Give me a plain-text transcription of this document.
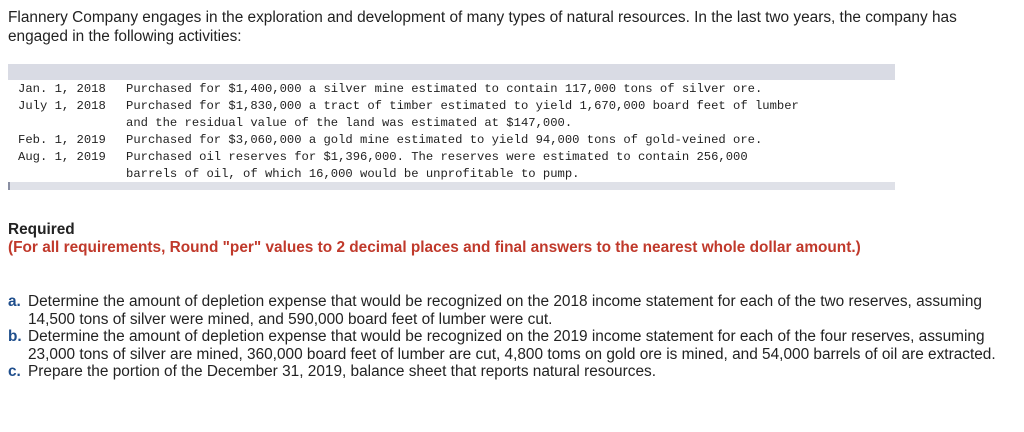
Flannery Company engages in the exploration and development of many types of natural resources. In the last two years, the company has engaged in the following activities:

Jan. 1, 2018	Purchased for $1,400,000 a silver mine estimated to contain 117,000 tons of silver ore.
July 1, 2018	Purchased for $1,830,000 a tract of timber estimated to yield 1,670,000 board feet of lumber
and the residual value of the land was estimated at $147,000.
Feb. 1, 2019	Purchased for $3,060,000 a gold mine estimated to yield 94,000 tons of gold-veined ore.
Aug. 1, 2019	Purchased oil reserves for $1,396,000. The reserves were estimated to contain 256,000
barrels of oil, of which 16,000 would be unprofitable to pump.

Required

(For all requirements, Round "per" values to 2 decimal places and final answers to the nearest whole dollar amount.)

a. Determine the amount of depletion expense that would be recognized on the 2018 income statement for each of the two reserves, assuming 14,500 tons of silver were mined, and 590,000 board feet of lumber were cut.
b. Determine the amount of depletion expense that would be recognized on the 2019 income statement for each of the four reserves, assuming 23,000 tons of silver are mined, 360,000 board feet of lumber are cut, 4,800 toms on gold ore is mined, and 54,000 barrels of oil are extracted.
c. Prepare the portion of the December 31, 2019, balance sheet that reports natural resources.
